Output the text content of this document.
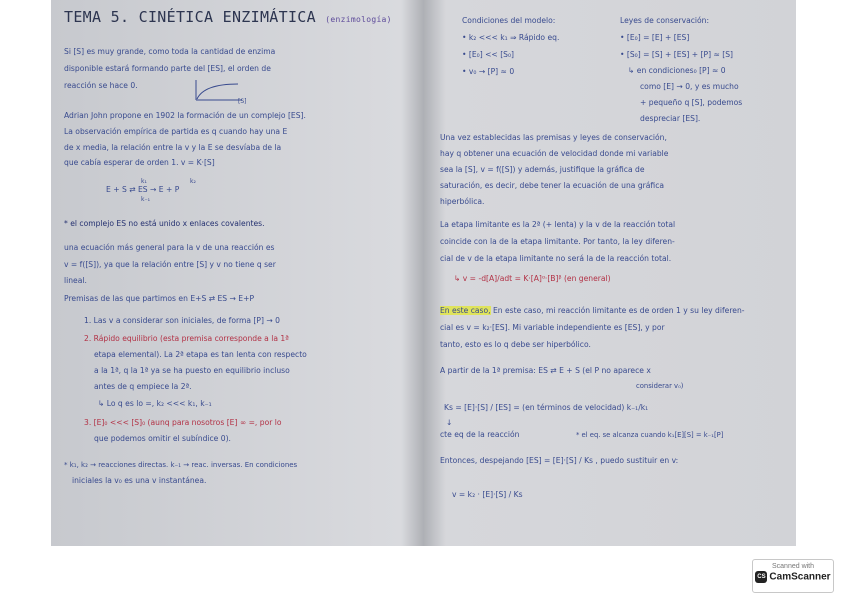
TEMA 5. CINÉTICA ENZIMÁTICA (enzimología)
Si [S] es muy grande, como toda la cantidad de enzima
disponible estará formando parte del [ES], el orden de
reacción se hace 0.
[S]
Adrian John propone en 1902 la formación de un complejo [ES].
La observación empírica de partida es q cuando hay una E
de x media, la relación entre la v y la E se desvíaba de la
que cabía esperar de orden 1. v = K·[S]
k₁	k₂
E + S ⇄ ES → E + P
k₋₁
* el complejo ES no está unido x enlaces covalentes.
una ecuación más general para la v de una reacción es
v = f([S]), ya que la relación entre [S] y v no tiene q ser
lineal.
Premisas de las que partimos en E+S ⇄ ES → E+P
1. Las v a considerar son iniciales, de forma [P] → 0
2. Rápido equilibrio (esta premisa corresponde a la 1ª
etapa elemental). La 2ª etapa es tan lenta con respecto
a la 1ª, q la 1ª ya se ha puesto en equilibrio incluso
antes de q empiece la 2ª.
↳ Lo q es lo =, k₂ <<< k₁, k₋₁
3. [E]₀ <<< [S]₀ (aunq para nosotros [E] ∞ =, por lo
que podemos omitir el subíndice 0).
* k₁, k₂ → reacciones directas. k₋₁ → reac. inversas. En condiciones
iniciales la v₀ es una v instantánea.
Condiciones del modelo:
• k₂ <<< k₁ ⇒ Rápido eq.
• [E₀] << [S₀]
• v₀ → [P] ≈ 0
Leyes de conservación:
• [E₀] = [E] + [ES]
• [S₀] = [S] + [ES] + [P] ≈ [S]
↳ en condiciones₀ [P] ≈ 0
como [E] → 0, y es mucho
+ pequeño q [S], podemos
despreciar [ES].
Una vez establecidas las premisas y leyes de conservación,
hay q obtener una ecuación de velocidad donde mi variable
sea la [S], v = f([S]) y además, justifique la gráfica de
saturación, es decir, debe tener la ecuación de una gráfica
hiperbólica.
La etapa limitante es la 2ª (+ lenta) y la v de la reacción total
coincide con la de la etapa limitante. Por tanto, la ley diferen-
cial de v de la etapa limitante no será la de la reacción total.
↳ v = -d[A]/adt = K·[A]ᵅ·[B]ᵝ (en general)
En este caso, En este caso, mi reacción limitante es de orden 1 y su ley diferen-
cial es v = k₂·[ES]. Mi variable independiente es [ES], y por
tanto, esto es lo q debe ser hiperbólico.
A partir de la 1ª premisa: ES ⇄ E + S (el P no aparece x
considerar v₀)
Ks = [E]·[S] / [ES] = (en términos de velocidad) k₋₁/k₁
↓
cte eq de la reacción	* el eq. se alcanza cuando k₁[E][S] = k₋₁[P]
Entonces, despejando [ES] = [E]·[S] / Ks , puedo sustituir en v:
v = k₂ · [E]·[S] / Ks
Scanned with
CS CamScanner
